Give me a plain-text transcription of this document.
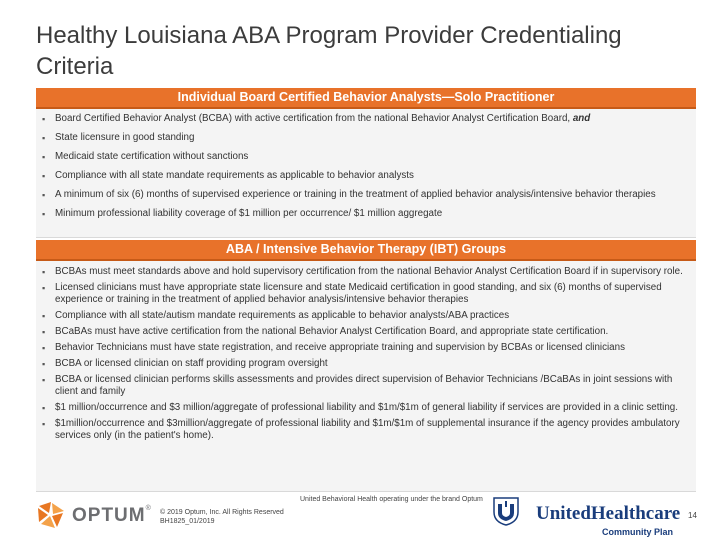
Healthy Louisiana ABA Program Provider Credentialing Criteria
Individual Board Certified Behavior Analysts—Solo Practitioner
▪ Board Certified Behavior Analyst (BCBA) with active certification from the national Behavior Analyst Certification Board, and
▪ State licensure in good standing
▪ Medicaid state certification without sanctions
▪ Compliance with all state mandate requirements as applicable to behavior analysts
▪ A minimum of six (6) months of supervised experience or training in the treatment of applied behavior analysis/intensive behavior therapies
▪ Minimum professional liability coverage of $1 million per occurrence/ $1 million aggregate
ABA / Intensive Behavior Therapy (IBT) Groups
▪ BCBAs must meet standards above and hold supervisory certification from the national Behavior Analyst Certification Board if in supervisory role.
▪ Licensed clinicians must have appropriate state licensure and state Medicaid certification in good standing, and six (6) months of supervised experience or training in the treatment of applied behavior analysis/intensive behavior therapies
▪ Compliance with all state/autism mandate requirements as applicable to behavior analysts/ABA practices
▪ BCaBAs must have active certification from the national Behavior Analyst Certification Board, and appropriate state certification.
▪ Behavior Technicians must have state registration, and receive appropriate training and supervision by BCBAs or licensed clinicians
▪ BCBA or licensed clinician on staff providing program oversight
▪ BCBA or licensed clinician performs skills assessments and provides direct supervision of Behavior Technicians /BCaBAs in joint sessions with client and family
▪ $1 million/occurrence and $3 million/aggregate of professional liability and $1m/$1m of general liability if services are provided in a clinic setting.
▪ $1million/occurrence and $3million/aggregate of professional liability and $1m/$1m of supplemental insurance if the agency provides ambulatory services only (in the patient's home).
United Behavioral Health operating under the brand Optum
OPTUM®
© 2019 Optum, Inc. All Rights Reserved
BH1825_01/2019	UnitedHealthcare
Community Plan
14
